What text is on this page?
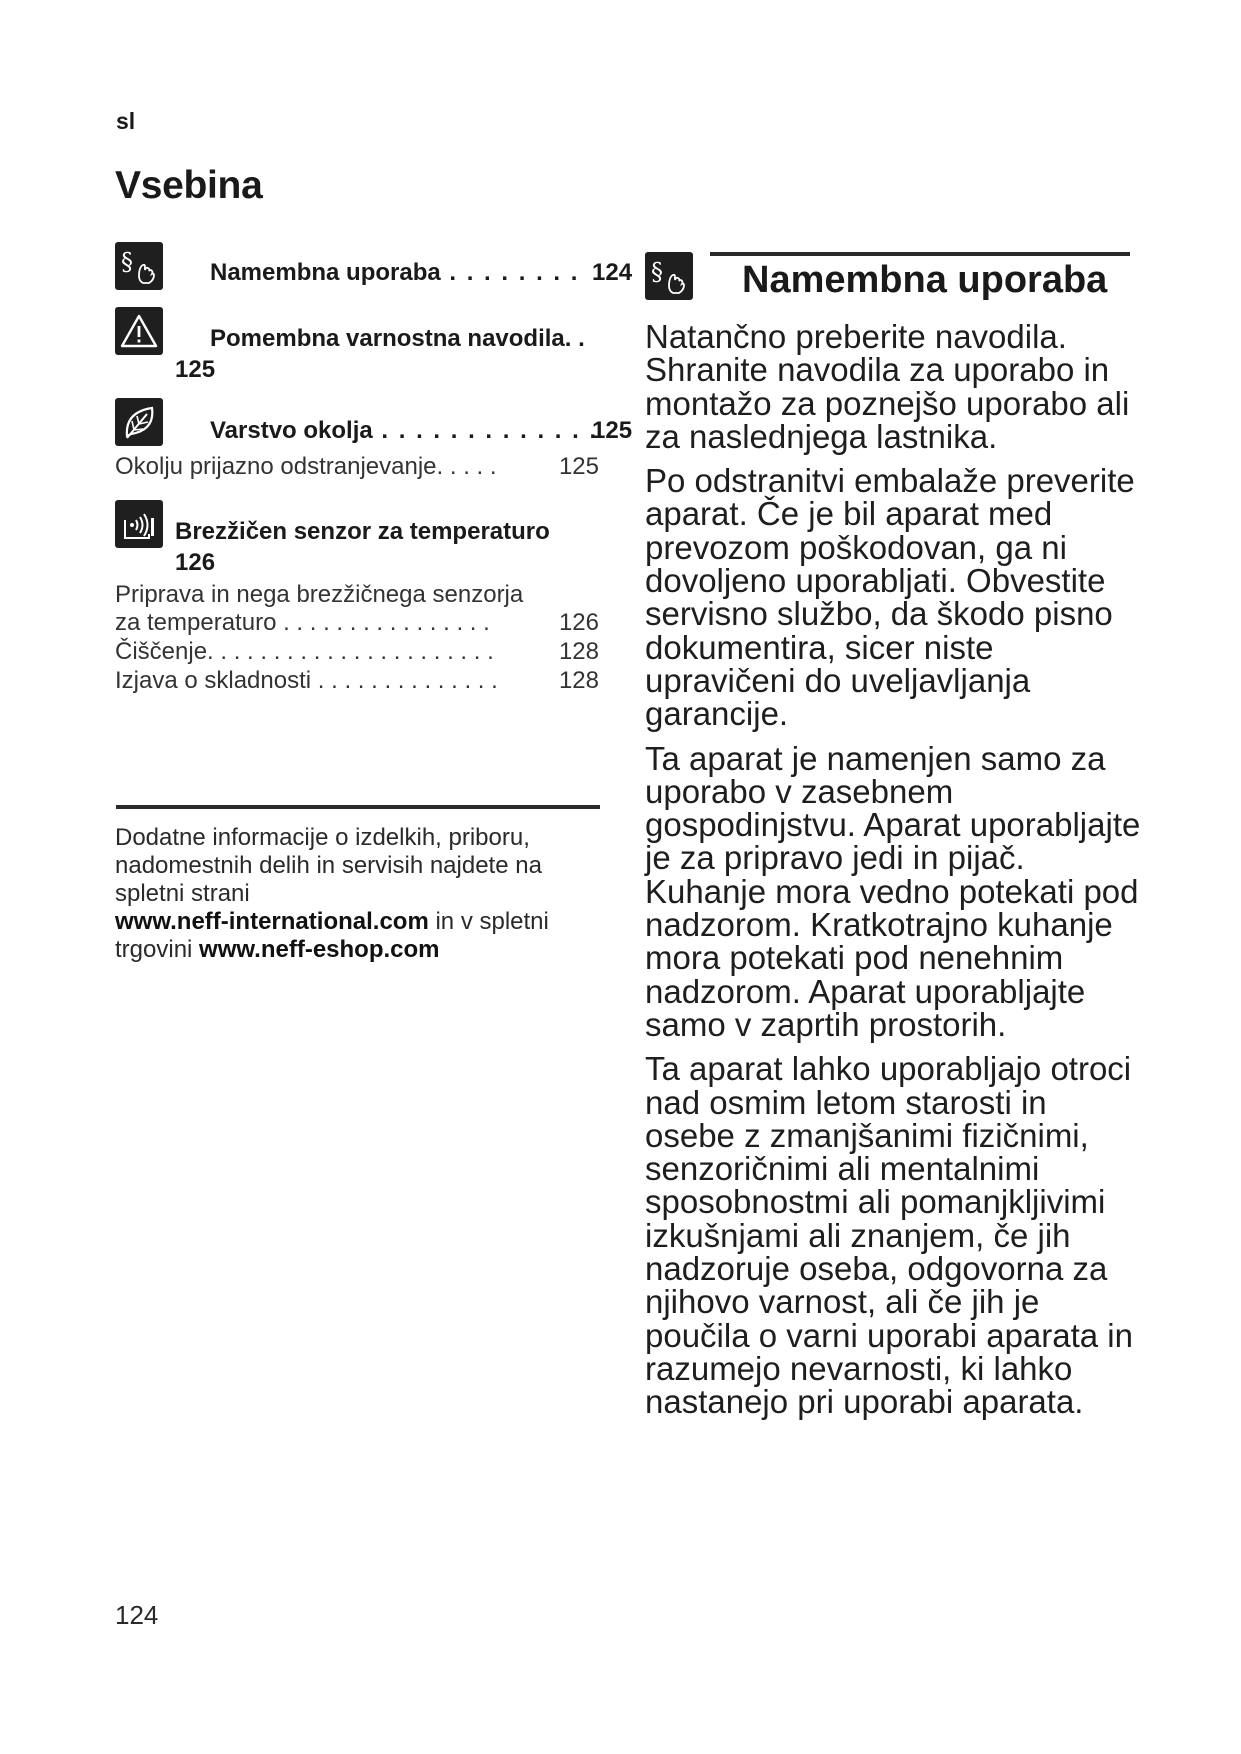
sl
Vsebina
§	Namembna uporaba . . . . . . . . 124
Pomembna varnostna navodila. .
125
Varstvo okolja . . . . . . . . . . . . .
125
Okolju prijazno odstranjevanje. . . . .	125
Brezžičen senzor za temperaturo
126
Priprava in nega brezžičnega senzorja
za temperaturo . . . . . . . . . . . . . . . .	126
Čiščenje. . . . . . . . . . . . . . . . . . . . . .	128
Izjava o skladnosti . . . . . . . . . . . . . .	128
Dodatne informacije o izdelkih, priboru, nadomestnih delih in servisih najdete na spletni strani
www.neff-international.com in v spletni trgovini www.neff-eshop.com
§ Namembna uporaba

Natančno preberite navodila. Shranite navodila za uporabo in montažo za poznejšo uporabo ali za naslednjega lastnika.

Po odstranitvi embalaže preverite aparat. Če je bil aparat med prevozom poškodovan, ga ni dovoljeno uporabljati. Obvestite servisno službo, da škodo pisno dokumentira, sicer niste upravičeni do uveljavljanja garancije.

Ta aparat je namenjen samo za uporabo v zasebnem gospodinjstvu. Aparat uporabljajte je za pripravo jedi in pijač. Kuhanje mora vedno potekati pod nadzorom. Kratkotrajno kuhanje mora potekati pod nenehnim nadzorom. Aparat uporabljajte samo v zaprtih prostorih.

Ta aparat lahko uporabljajo otroci nad osmim letom starosti in osebe z zmanjšanimi fizičnimi, senzoričnimi ali mentalnimi sposobnostmi ali pomanjkljivimi izkušnjami ali znanjem, če jih nadzoruje oseba, odgovorna za njihovo varnost, ali če jih je poučila o varni uporabi aparata in razumejo nevarnosti, ki lahko nastanejo pri uporabi aparata.

124
